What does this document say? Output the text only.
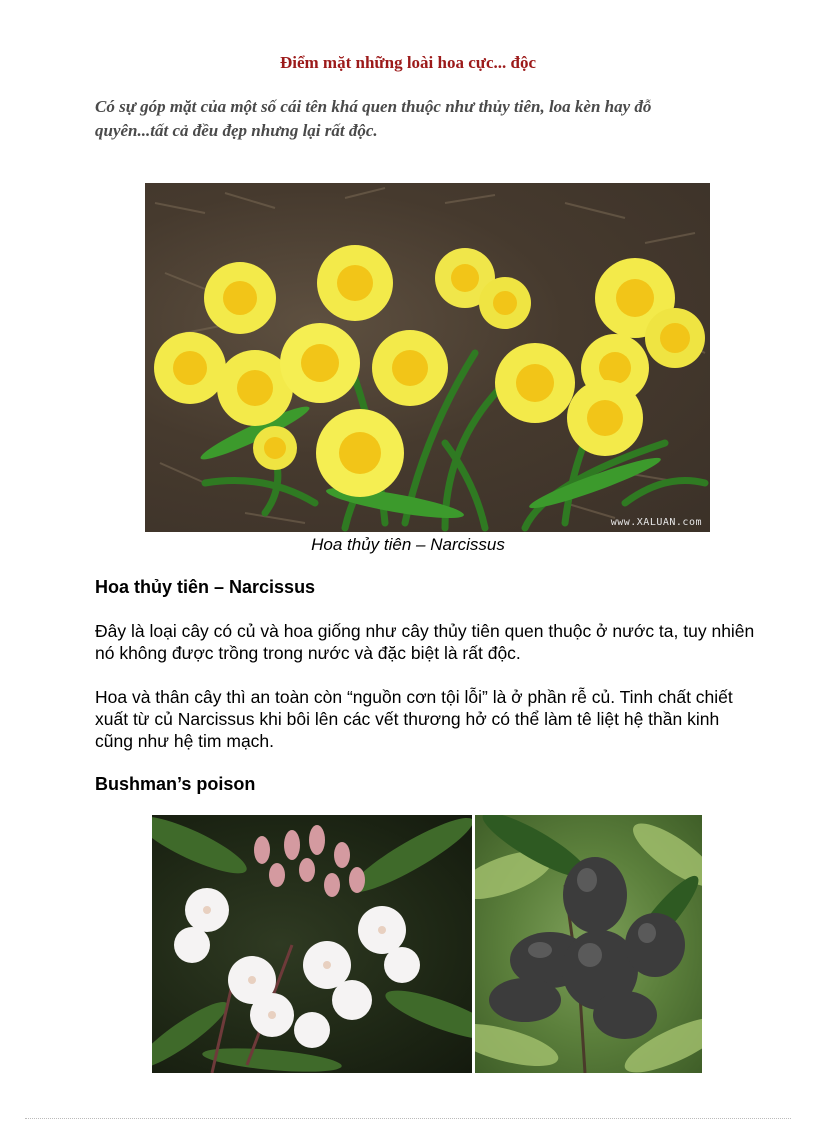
Điểm mặt những loài hoa cực... độc
Có sự góp mặt của một số cái tên khá quen thuộc như thủy tiên, loa kèn hay đỗ quyên...tất cả đều đẹp nhưng lại rất độc.
www.XALUAN.com
Hoa thủy tiên – Narcissus
Hoa thủy tiên – Narcissus
Đây là loại cây có củ và hoa giống như cây thủy tiên quen thuộc ở nước ta, tuy nhiên nó không được trồng trong nước và đặc biệt là rất độc.
Hoa và thân cây thì an toàn còn “nguồn cơn tội lỗi” là ở phần rễ củ. Tinh chất chiết xuất từ củ Narcissus khi bôi lên các vết thương hở có thể làm tê liệt hệ thần kinh cũng như hệ tim mạch.
Bushman’s poison
